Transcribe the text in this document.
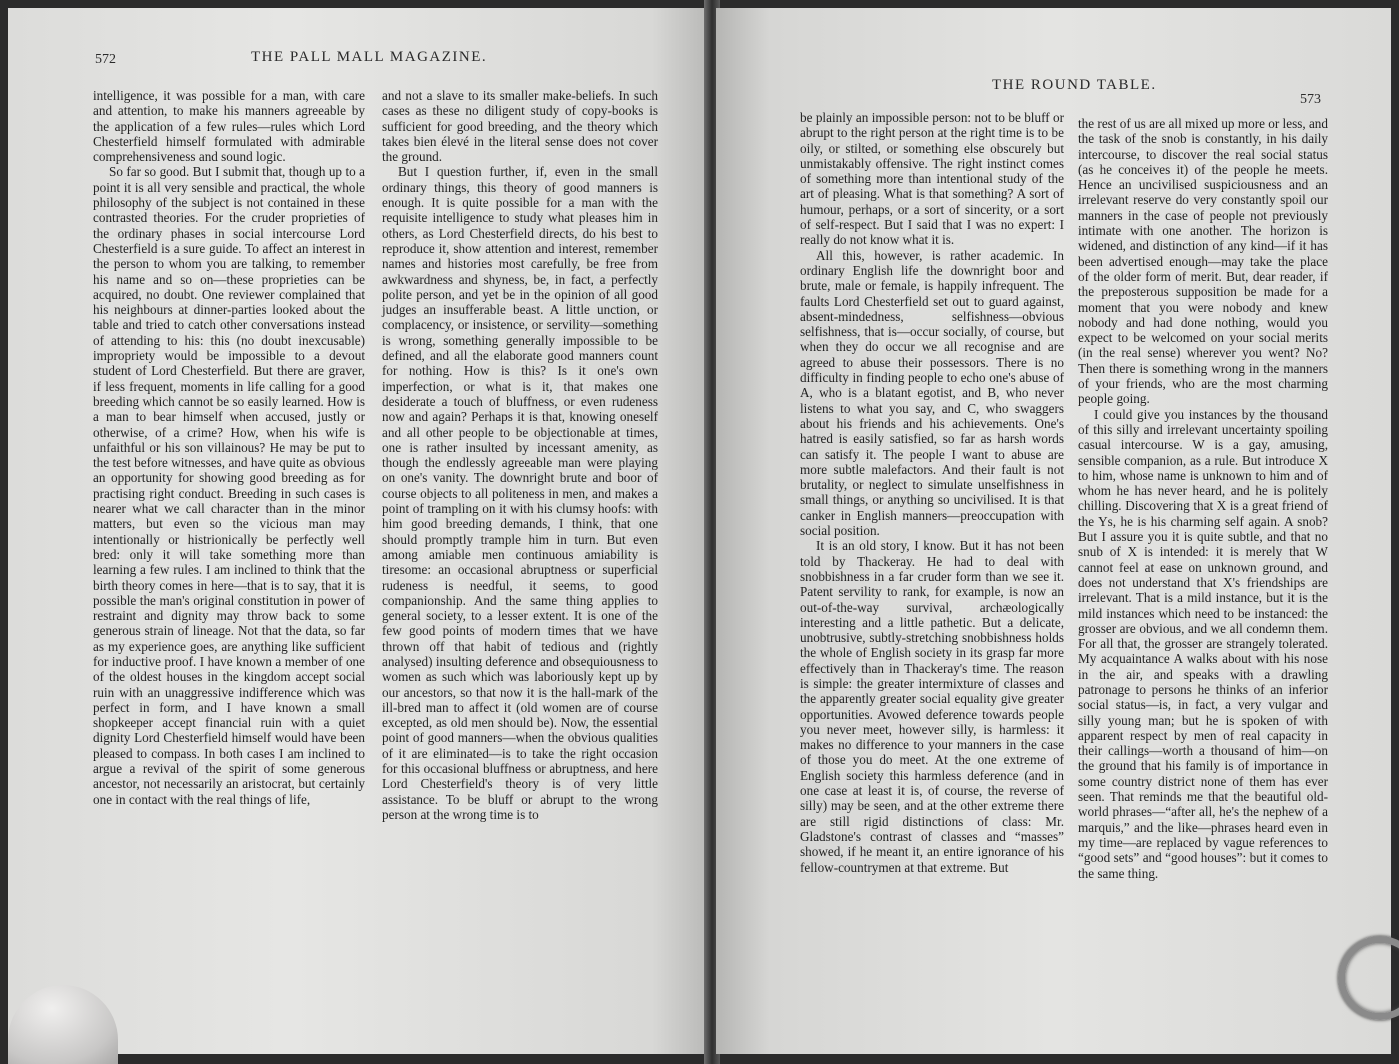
572	THE PALL MALL MAGAZINE.

intelligence, it was possible for a man, with care and attention, to make his manners agreeable by the application of a few rules—rules which Lord Chesterfield himself formulated with admirable comprehensiveness and sound logic.

So far so good. But I submit that, though up to a point it is all very sensible and practical, the whole philosophy of the subject is not contained in these contrasted theories. For the cruder proprieties of the ordinary phases in social intercourse Lord Chesterfield is a sure guide. To affect an interest in the person to whom you are talking, to remember his name and so on—these proprieties can be acquired, no doubt. One reviewer complained that his neighbours at dinner-parties looked about the table and tried to catch other conversations instead of attending to his: this (no doubt inexcusable) impropriety would be impossible to a devout student of Lord Chesterfield. But there are graver, if less frequent, moments in life calling for a good breeding which cannot be so easily learned. How is a man to bear himself when accused, justly or otherwise, of a crime? How, when his wife is unfaithful or his son villainous? He may be put to the test before witnesses, and have quite as obvious an opportunity for showing good breeding as for practising right conduct. Breeding in such cases is nearer what we call character than in the minor matters, but even so the vicious man may intentionally or histrionically be perfectly well bred: only it will take something more than learning a few rules. I am inclined to think that the birth theory comes in here—that is to say, that it is possible the man's original constitution in power of restraint and dignity may throw back to some generous strain of lineage. Not that the data, so far as my experience goes, are anything like sufficient for inductive proof. I have known a member of one of the oldest houses in the kingdom accept social ruin with an unaggressive indifference which was perfect in form, and I have known a small shopkeeper accept financial ruin with a quiet dignity Lord Chesterfield himself would have been pleased to compass. In both cases I am inclined to argue a revival of the spirit of some generous ancestor, not necessarily an aristocrat, but certainly one in contact with the real things of life,

and not a slave to its smaller make-beliefs. In such cases as these no diligent study of copy-books is sufficient for good breeding, and the theory which takes bien élevé in the literal sense does not cover the ground.

But I question further, if, even in the small ordinary things, this theory of good manners is enough. It is quite possible for a man with the requisite intelligence to study what pleases him in others, as Lord Chesterfield directs, do his best to reproduce it, show attention and interest, remember names and histories most carefully, be free from awkwardness and shyness, be, in fact, a perfectly polite person, and yet be in the opinion of all good judges an insufferable beast. A little unction, or complacency, or insistence, or servility—something is wrong, something generally impossible to be defined, and all the elaborate good manners count for nothing. How is this? Is it one's own imperfection, or what is it, that makes one desiderate a touch of bluffness, or even rudeness now and again? Perhaps it is that, knowing oneself and all other people to be objectionable at times, one is rather insulted by incessant amenity, as though the endlessly agreeable man were playing on one's vanity. The downright brute and boor of course objects to all politeness in men, and makes a point of trampling on it with his clumsy hoofs: with him good breeding demands, I think, that one should promptly trample him in turn. But even among amiable men continuous amiability is tiresome: an occasional abruptness or superficial rudeness is needful, it seems, to good companionship. And the same thing applies to general society, to a lesser extent. It is one of the few good points of modern times that we have thrown off that habit of tedious and (rightly analysed) insulting deference and obsequiousness to women as such which was laboriously kept up by our ancestors, so that now it is the hall-mark of the ill-bred man to affect it (old women are of course excepted, as old men should be). Now, the essential point of good manners—when the obvious qualities of it are eliminated—is to take the right occasion for this occasional bluffness or abruptness, and here Lord Chesterfield's theory is of very little assistance. To be bluff or abrupt to the wrong person at the wrong time is to

THE ROUND TABLE.
573

be plainly an impossible person: not to be bluff or abrupt to the right person at the right time is to be oily, or stilted, or something else obscurely but unmistakably offensive. The right instinct comes of something more than intentional study of the art of pleasing. What is that something? A sort of humour, perhaps, or a sort of sincerity, or a sort of self-respect. But I said that I was no expert: I really do not know what it is.

All this, however, is rather academic. In ordinary English life the downright boor and brute, male or female, is happily infrequent. The faults Lord Chesterfield set out to guard against, absent-mindedness, selfishness—obvious selfishness, that is—occur socially, of course, but when they do occur we all recognise and are agreed to abuse their possessors. There is no difficulty in finding people to echo one's abuse of A, who is a blatant egotist, and B, who never listens to what you say, and C, who swaggers about his friends and his achievements. One's hatred is easily satisfied, so far as harsh words can satisfy it. The people I want to abuse are more subtle malefactors. And their fault is not brutality, or neglect to simulate unselfishness in small things, or anything so uncivilised. It is that canker in English manners—preoccupation with social position.

It is an old story, I know. But it has not been told by Thackeray. He had to deal with snobbishness in a far cruder form than we see it. Patent servility to rank, for example, is now an out-of-the-way survival, archæologically interesting and a little pathetic. But a delicate, unobtrusive, subtly-stretching snobbishness holds the whole of English society in its grasp far more effectively than in Thackeray's time. The reason is simple: the greater intermixture of classes and the apparently greater social equality give greater opportunities. Avowed deference towards people you never meet, however silly, is harmless: it makes no difference to your manners in the case of those you do meet. At the one extreme of English society this harmless deference (and in one case at least it is, of course, the reverse of silly) may be seen, and at the other extreme there are still rigid distinctions of class: Mr. Gladstone's contrast of classes and “masses” showed, if he meant it, an entire ignorance of his fellow-countrymen at that extreme. But

the rest of us are all mixed up more or less, and the task of the snob is constantly, in his daily intercourse, to discover the real social status (as he conceives it) of the people he meets. Hence an uncivilised suspiciousness and an irrelevant reserve do very constantly spoil our manners in the case of people not previously intimate with one another. The horizon is widened, and distinction of any kind—if it has been advertised enough—may take the place of the older form of merit. But, dear reader, if the preposterous supposition be made for a moment that you were nobody and knew nobody and had done nothing, would you expect to be welcomed on your social merits (in the real sense) wherever you went? No? Then there is something wrong in the manners of your friends, who are the most charming people going.

I could give you instances by the thousand of this silly and irrelevant uncertainty spoiling casual intercourse. W is a gay, amusing, sensible companion, as a rule. But introduce X to him, whose name is unknown to him and of whom he has never heard, and he is politely chilling. Discovering that X is a great friend of the Ys, he is his charming self again. A snob? But I assure you it is quite subtle, and that no snub of X is intended: it is merely that W cannot feel at ease on unknown ground, and does not understand that X's friendships are irrelevant. That is a mild instance, but it is the mild instances which need to be instanced: the grosser are obvious, and we all condemn them. For all that, the grosser are strangely tolerated. My acquaintance A walks about with his nose in the air, and speaks with a drawling patronage to persons he thinks of an inferior social status—is, in fact, a very vulgar and silly young man; but he is spoken of with apparent respect by men of real capacity in their callings—worth a thousand of him—on the ground that his family is of importance in some country district none of them has ever seen. That reminds me that the beautiful old-world phrases—“after all, he's the nephew of a marquis,” and the like—phrases heard even in my time—are replaced by vague references to “good sets” and “good houses”: but it comes to the same thing.
